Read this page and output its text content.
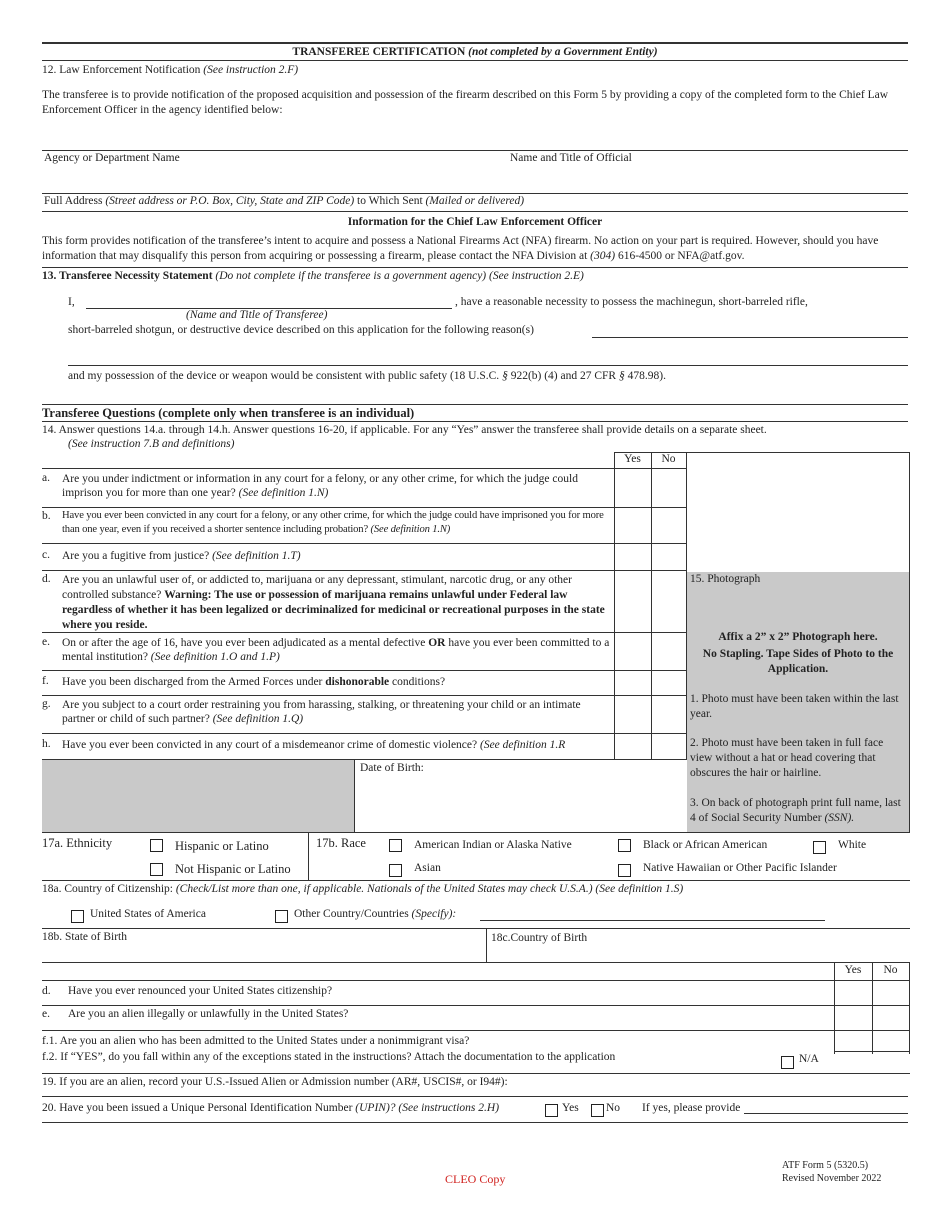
TRANSFEREE CERTIFICATION (not completed by a Government Entity)
12. Law Enforcement Notification (See instruction 2.F)
The transferee is to provide notification of the proposed acquisition and possession of the firearm described on this Form 5 by providing a copy of the completed form to the Chief Law Enforcement Officer in the agency identified below:
Agency or Department Name	Name and Title of Official
Full Address (Street address or P.O. Box, City, State and ZIP Code) to Which Sent (Mailed or delivered)
Information for the Chief Law Enforcement Officer
This form provides notification of the transferee’s intent to acquire and possess a National Firearms Act (NFA) firearm. No action on your part is required. However, should you have information that may disqualify this person from acquiring or possessing a firearm, please contact the NFA Division at (304) 616-4500 or NFA@atf.gov.
13. Transferee Necessity Statement (Do not complete if the transferee is a government agency) (See instruction 2.E)
I,	, have a reasonable necessity to possess the machinegun, short-barreled rifle,
(Name and Title of Transferee)
short-barreled shotgun, or destructive device described on this application for the following reason(s)
and my possession of the device or weapon would be consistent with public safety (18 U.S.C. § 922(b) (4) and 27 CFR § 478.98).
Transferee Questions (complete only when transferee is an individual)
14. Answer questions 14.a. through 14.h. Answer questions 16-20, if applicable. For any “Yes” answer the transferee shall provide details on a separate sheet.
(See instruction 7.B and definitions)
Yes	No
a. Are you under indictment or information in any court for a felony, or any other crime, for which the judge could imprison you for more than one year? (See definition 1.N)
b. Have you ever been convicted in any court for a felony, or any other crime, for which the judge could have imprisoned you for more than one year, even if you received a shorter sentence including probation? (See definition 1.N)
c. Are you a fugitive from justice? (See definition 1.T)
d. Are you an unlawful user of, or addicted to, marijuana or any depressant, stimulant, narcotic drug, or any other controlled substance? Warning: The use or possession of marijuana remains unlawful under Federal law regardless of whether it has been legalized or decriminalized for medicinal or recreational purposes in the state where you reside.
e. On or after the age of 16, have you ever been adjudicated as a mental defective OR have you ever been committed to a mental institution? (See definition 1.O and 1.P)
f. Have you been discharged from the Armed Forces under dishonorable conditions?
g. Are you subject to a court order restraining you from harassing, stalking, or threatening your child or an intimate partner or child of such partner? (See definition 1.Q)
h. Have you ever been convicted in any court of a misdemeanor crime of domestic violence? (See definition 1.R
Date of Birth:
15. Photograph
Affix a 2” x 2” Photograph here.
No Stapling. Tape Sides of Photo to the Application.
1. Photo must have been taken within the last year.
2. Photo must have been taken in full face view without a hat or head covering that obscures the hair or hairline.
3. On back of photograph print full name, last 4 of Social Security Number (SSN).
17a. Ethnicity	Hispanic or Latino
Not Hispanic or Latino
17b. Race	American Indian or Alaska Native	Black or African American	White
Asian	Native Hawaiian or Other Pacific Islander
18a. Country of Citizenship: (Check/List more than one, if applicable. Nationals of the United States may check U.S.A.) (See definition 1.S)
United States of America	Other Country/Countries (Specify):
18b. State of Birth	18c.Country of Birth
Yes	No
d. Have you ever renounced your United States citizenship?
e. Are you an alien illegally or unlawfully in the United States?
f.1. Are you an alien who has been admitted to the United States under a nonimmigrant visa?
f.2. If “YES”, do you fall within any of the exceptions stated in the instructions? Attach the documentation to the application	N/A
19. If you are an alien, record your U.S.-Issued Alien or Admission number (AR#, USCIS#, or I94#):
20. Have you been issued a Unique Personal Identification Number (UPIN)? (See instructions 2.H)	Yes No If yes, please provide
CLEO Copy
ATF Form 5 (5320.5)
Revised November 2022
